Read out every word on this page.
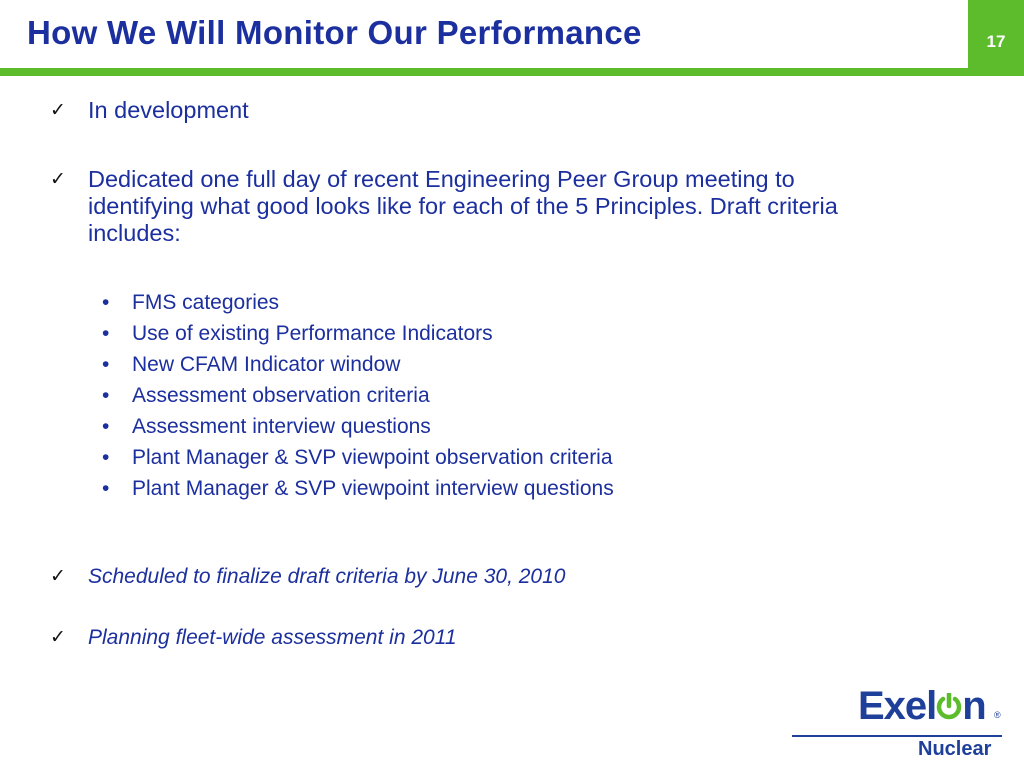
How We Will Monitor Our Performance	17
✓ In development
✓ Dedicated one full day of recent Engineering Peer Group meeting to identifying what good looks like for each of the 5 Principles. Draft criteria includes:
• FMS categories
• Use of existing Performance Indicators
• New CFAM Indicator window
• Assessment observation criteria
• Assessment interview questions
• Plant Manager & SVP viewpoint observation criteria
• Plant Manager & SVP viewpoint interview questions
✓ Scheduled to finalize draft criteria by June 30, 2010
✓ Planning fleet-wide assessment in 2011
Exel n ®
Nuclear
